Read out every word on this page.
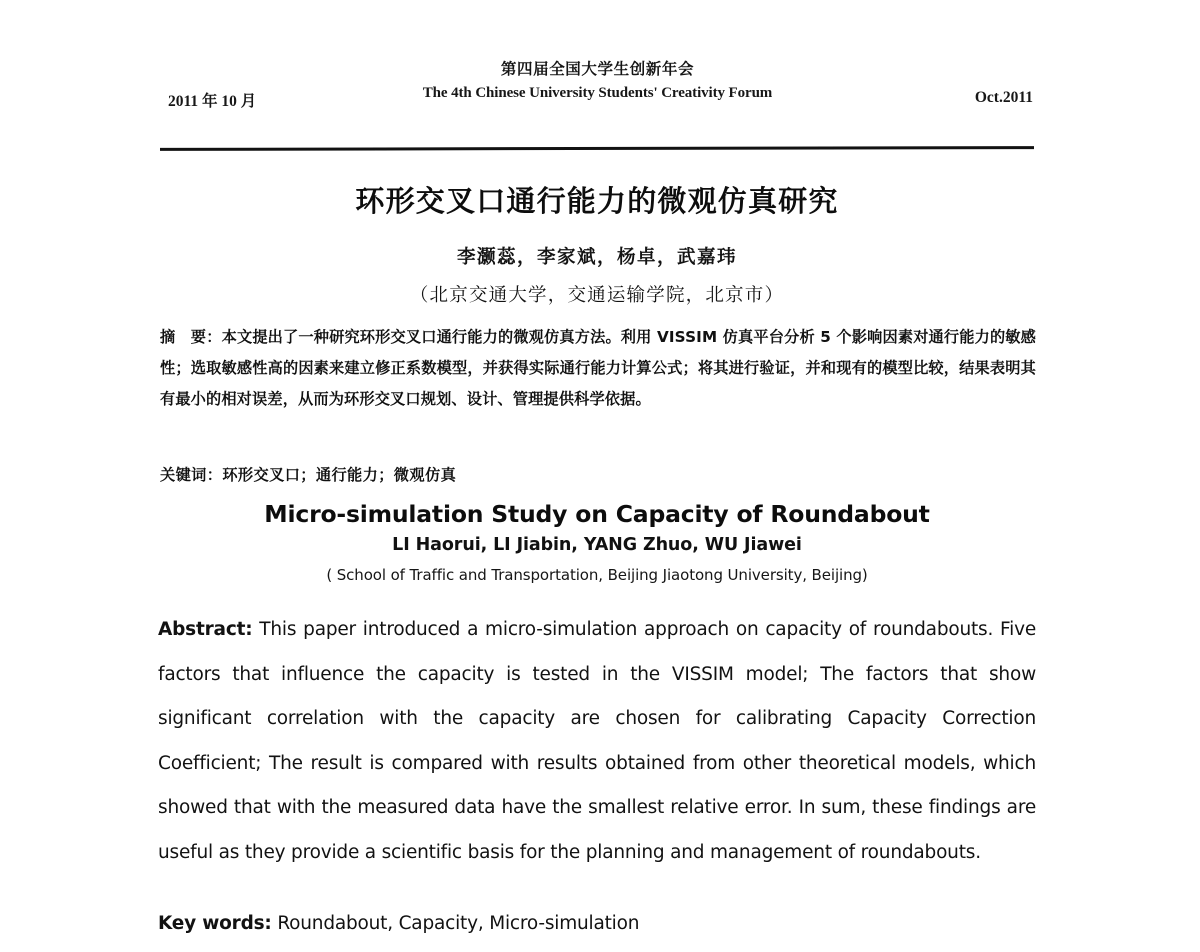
第四届全国大学生创新年会
The 4th Chinese University Students' Creativity Forum
2011 年 10 月	Oct.2011
环形交叉口通行能力的微观仿真研究
李灏蕊，李家斌，杨卓，武嘉玮
（北京交通大学，交通运输学院，北京市）
摘　要：本文提出了一种研究环形交叉口通行能力的微观仿真方法。利用 VISSIM 仿真平台分析 5 个影响因素对通行能力的敏感性；选取敏感性高的因素来建立修正系数模型，并获得实际通行能力计算公式；将其进行验证，并和现有的模型比较，结果表明其有最小的相对误差，从而为环形交叉口规划、设计、管理提供科学依据。
关键词：环形交叉口；通行能力；微观仿真
Micro-simulation Study on Capacity of Roundabout
LI Haorui, LI Jiabin, YANG Zhuo, WU Jiawei
( School of Traffic and Transportation, Beijing Jiaotong University, Beijing)
Abstract: This paper introduced a micro-simulation approach on capacity of roundabouts. Five factors that influence the capacity is tested in the VISSIM model; The factors that show significant correlation with the capacity are chosen for calibrating Capacity Correction Coefficient; The result is compared with results obtained from other theoretical models, which showed that with the measured data have the smallest relative error. In sum, these findings are useful as they provide a scientific basis for the planning and management of roundabouts.
Key words: Roundabout, Capacity, Micro-simulation
